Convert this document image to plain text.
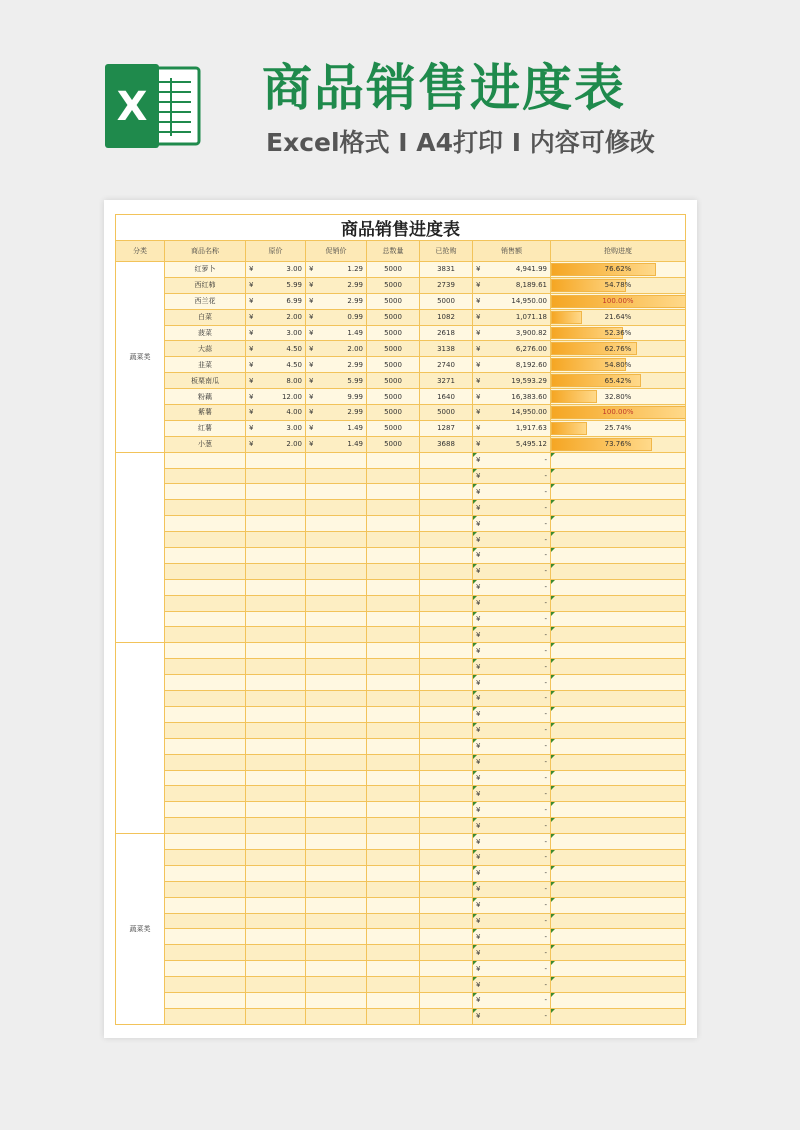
X 商品销售进度表
Excel格式 I A4打印 I 内容可修改
商品销售进度表							
分类	商品名称	原价	促销价	总数量	已抢购	销售额	抢购进度
蔬菜类	红萝卜	¥ 3.00	¥ 1.29	5000	3831	¥ 4,941.99	76.62%

	西红柿	¥ 5.99	¥ 2.99	5000	2739	¥ 8,189.61	54.78%

	西兰花	¥ 6.99	¥ 2.99	5000	5000	¥ 14,950.00	100.00%

	白菜	¥ 2.00	¥ 0.99	5000	1082	¥ 1,071.18	21.64%

	菠菜	¥ 3.00	¥ 1.49	5000	2618	¥ 3,900.82	52.36%

	大蒜	¥ 4.50	¥ 2.00	5000	3138	¥ 6,276.00	62.76%

	韭菜	¥ 4.50	¥ 2.99	5000	2740	¥ 8,192.60	54.80%

	板栗南瓜	¥ 8.00	¥ 5.99	5000	3271	¥ 19,593.29	65.42%

	粉藕	¥ 12.00	¥ 9.99	5000	1640	¥ 16,383.60	32.80%

	紫薯	¥ 4.00	¥ 2.99	5000	5000	¥ 14,950.00	100.00%

	红薯	¥ 3.00	¥ 1.49	5000	1287	¥ 1,917.63	25.74%

	小葱	¥ 2.00	¥ 1.49	5000	3688	¥ 5,495.12	73.76%

						¥ -	

						¥ -	

						¥ -	

						¥ -	

						¥ -	

						¥ -	

						¥ -	

						¥ -	

						¥ -	

						¥ -	

						¥ -	

						¥ -	

						¥ -	

						¥ -	

						¥ -	

						¥ -	

						¥ -	

						¥ -	

						¥ -	

						¥ -	

						¥ -	

						¥ -	

						¥ -	

						¥ -	

蔬菜类						¥ -	

						¥ -	

						¥ -	

						¥ -	

						¥ -	

						¥ -	

						¥ -	

						¥ -	

						¥ -	

						¥ -	

						¥ -	

						¥ -	
